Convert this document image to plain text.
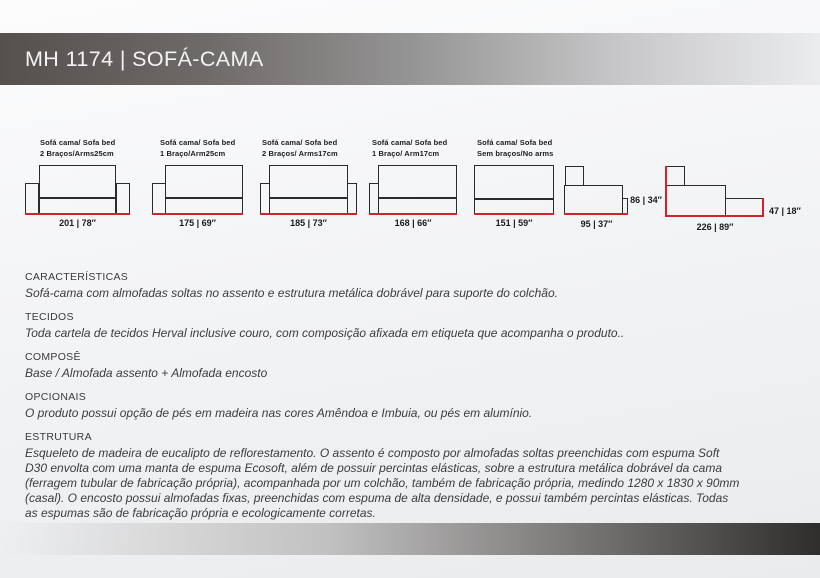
MH 1174 | SOFÁ-CAMA
Sofá cama/ Sofa bed
2 Braços/Arms25cm
Sofá cama/ Sofa bed
1 Braço/Arm25cm
Sofá cama/ Sofa bed
2 Braços/ Arms17cm
Sofá cama/ Sofa bed
1 Braço/ Arm17cm
Sofá cama/ Sofa bed
Sem braços/No arms
201 | 78″	175 | 69″	185 | 73″	168 | 66″	151 | 59″	95 | 37″	226 | 89″
86 | 34″
47 | 18″
CARACTERÍSTICAS

Sofá-cama com almofadas soltas no assento e estrutura metálica dobrável para suporte do colchão.

TECIDOS

Toda cartela de tecidos Herval inclusive couro, com composição afixada em etiqueta que acompanha o produto..

COMPOSÊ

Base / Almofada assento + Almofada encosto

OPCIONAIS

O produto possui opção de pés em madeira nas cores Amêndoa e Imbuia, ou pés em alumínio.

ESTRUTURA

Esqueleto de madeira de eucalipto de reflorestamento. O assento é composto por almofadas soltas preenchidas com espuma Soft D30 envolta com uma manta de espuma Ecosoft, além de possuir percintas elásticas, sobre a estrutura metálica dobrável da cama (ferragem tubular de fabricação própria), acompanhada por um colchão, também de fabricação própria, medindo 1280 x 1830 x 90mm (casal). O encosto possui almofadas fixas, preenchidas com espuma de alta densidade, e possui também percintas elásticas. Todas as espumas são de fabricação própria e ecologicamente corretas.
